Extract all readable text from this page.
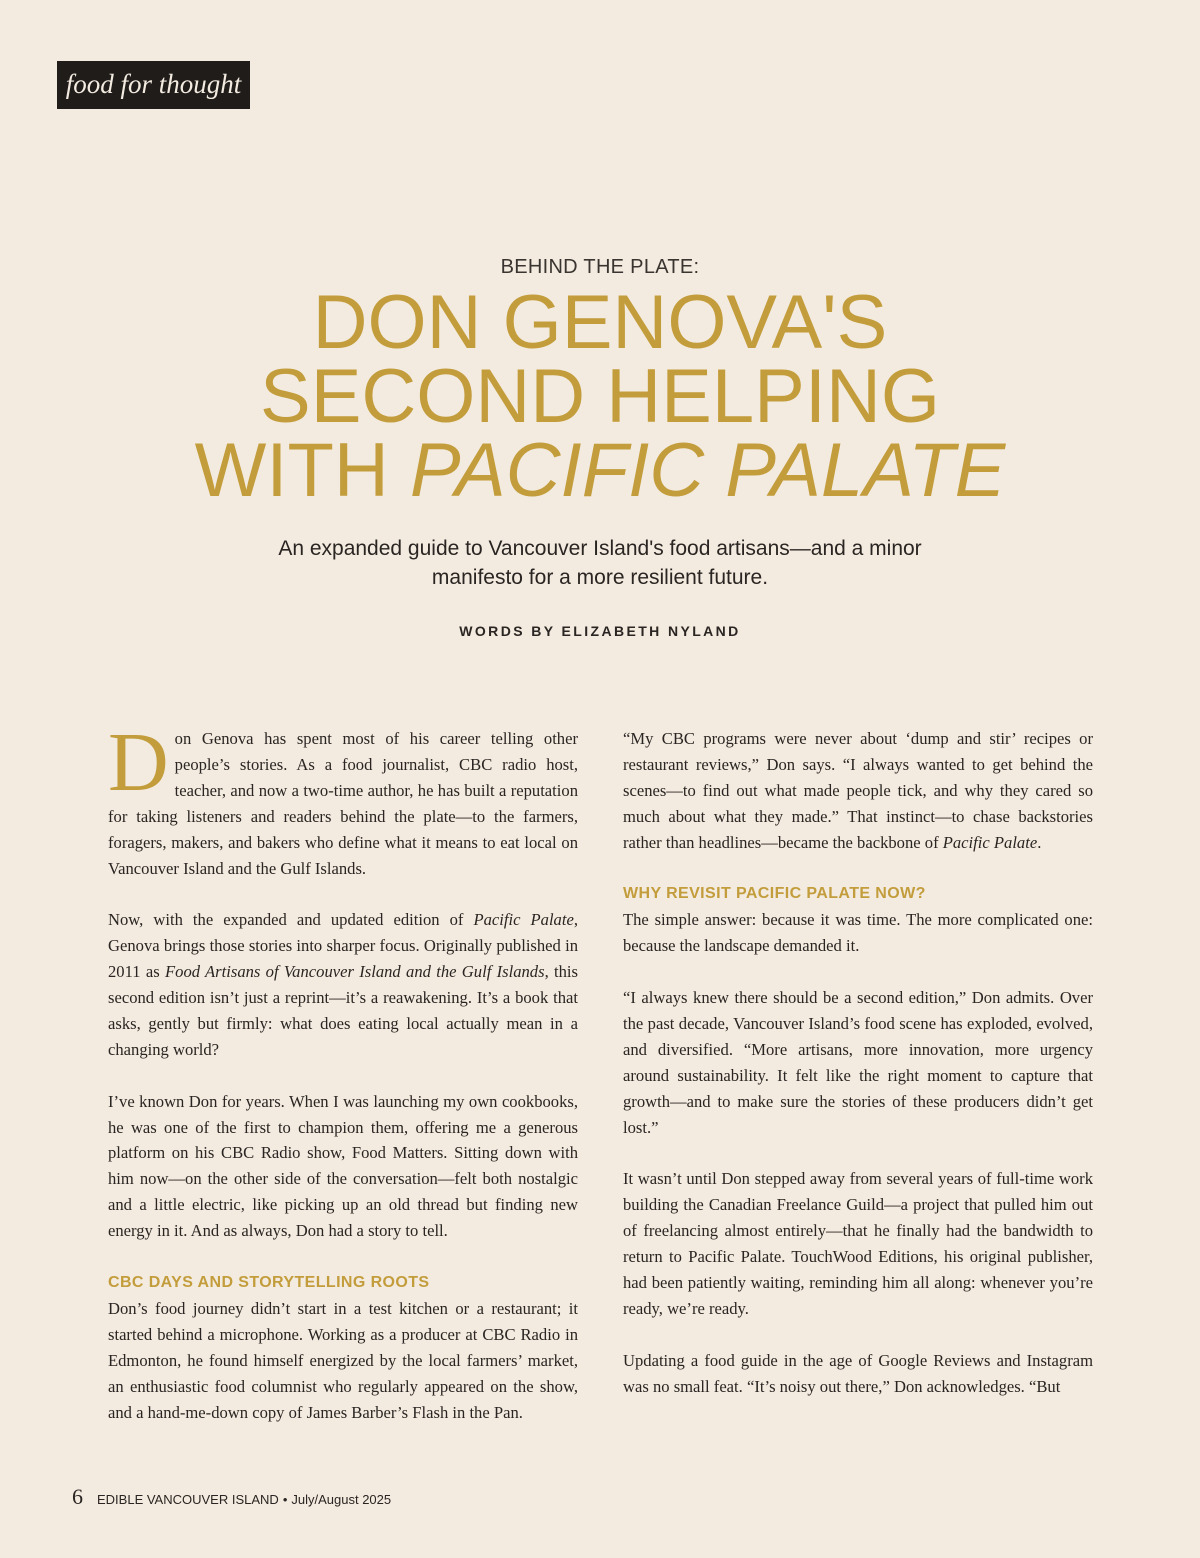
food for thought
BEHIND THE PLATE:
DON GENOVA'S
SECOND HELPING
WITH PACIFIC PALATE
An expanded guide to Vancouver Island's food artisans—and a minor manifesto for a more resilient future.
WORDS BY ELIZABETH NYLAND

Don Genova has spent most of his career telling other people’s stories. As a food journalist, CBC radio host, teacher, and now a two-time author, he has built a reputation for taking listeners and readers behind the plate—to the farmers, foragers, makers, and bakers who define what it means to eat local on Vancouver Island and the Gulf Islands.

Now, with the expanded and updated edition of Pacific Palate, Genova brings those stories into sharper focus. Originally published in 2011 as Food Artisans of Vancouver Island and the Gulf Islands, this second edition isn’t just a reprint—it’s a reawakening. It’s a book that asks, gently but firmly: what does eating local actually mean in a changing world?

I’ve known Don for years. When I was launching my own cookbooks, he was one of the first to champion them, offering me a generous platform on his CBC Radio show, Food Matters. Sitting down with him now—on the other side of the conversation—felt both nostalgic and a little electric, like picking up an old thread but finding new energy in it. And as always, Don had a story to tell.

CBC DAYS AND STORYTELLING ROOTS

Don’s food journey didn’t start in a test kitchen or a restaurant; it started behind a microphone. Working as a producer at CBC Radio in Edmonton, he found himself energized by the local farmers’ market, an enthusiastic food columnist who regularly appeared on the show, and a hand-me-down copy of James Barber’s Flash in the Pan.

“My CBC programs were never about ‘dump and stir’ recipes or restaurant reviews,” Don says. “I always wanted to get behind the scenes—to find out what made people tick, and why they cared so much about what they made.” That instinct—to chase backstories rather than headlines—became the backbone of Pacific Palate.

WHY REVISIT PACIFIC PALATE NOW?

The simple answer: because it was time. The more complicated one: because the landscape demanded it.

“I always knew there should be a second edition,” Don admits. Over the past decade, Vancouver Island’s food scene has exploded, evolved, and diversified. “More artisans, more innovation, more urgency around sustainability. It felt like the right moment to capture that growth—and to make sure the stories of these producers didn’t get lost.”

It wasn’t until Don stepped away from several years of full-time work building the Canadian Freelance Guild—a project that pulled him out of freelancing almost entirely—that he finally had the bandwidth to return to Pacific Palate. TouchWood Editions, his original publisher, had been patiently waiting, reminding him all along: whenever you’re ready, we’re ready.

Updating a food guide in the age of Google Reviews and Instagram was no small feat. “It’s noisy out there,” Don acknowledges. “But

6 EDIBLE VANCOUVER ISLAND • July/August 2025
